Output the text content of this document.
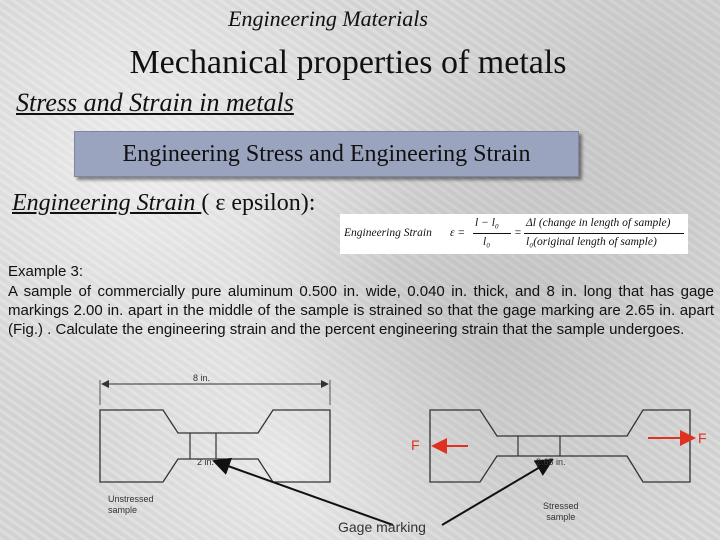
Engineering Materials
Mechanical properties of metals
Stress and Strain in metals
Engineering Stress and Engineering Strain
Engineering Strain ( ε epsilon):
Engineering Strain ε =
l − l₀
l₀
=
Δl (change in length of sample)
l₀(original length of sample)
Example 3:
A sample of commercially pure aluminum 0.500 in. wide, 0.040 in. thick, and 8 in. long that has gage markings 2.00 in. apart in the middle of the sample is strained so that the gage marking are 2.65 in. apart (Fig.) . Calculate the engineering strain and the percent engineering strain that the sample undergoes.
8 in.
2 in.	2.65 in.
F	F
Unstressed
sample	Stressed
sample
Gage marking
